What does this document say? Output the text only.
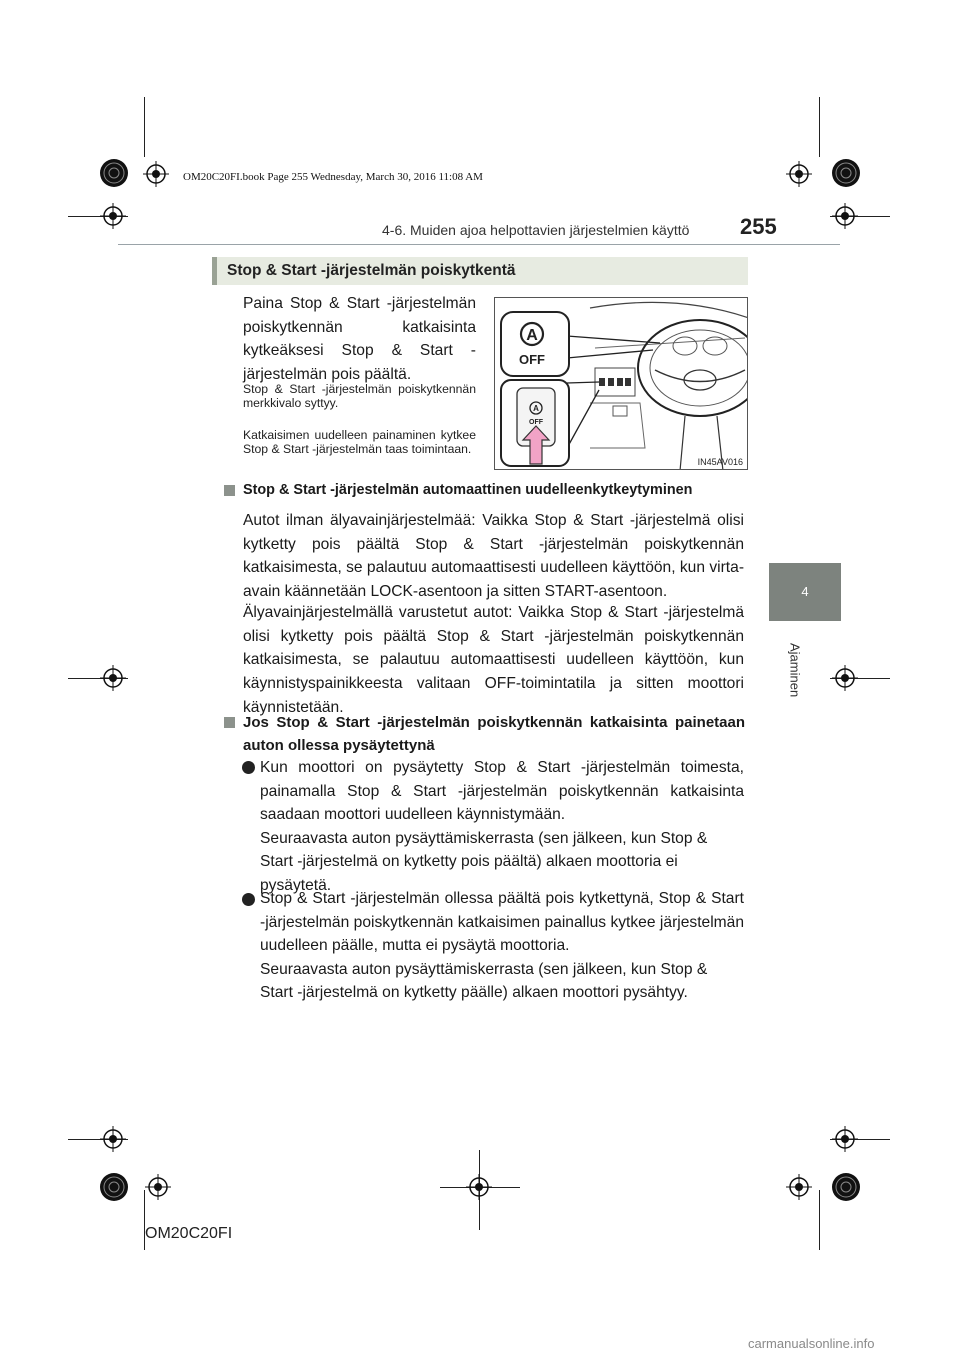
OM20C20FI.book Page 255 Wednesday, March 30, 2016 11:08 AM
4-6. Muiden ajoa helpottavien järjestelmien käyttö 255
4
Ajaminen
Stop & Start -järjestelmän poiskytkentä
Paina Stop & Start -järjestelmän poiskytkennän katkaisinta kytkeäksesi Stop & Start -järjestelmän pois päältä.
Stop & Start -järjestelmän poiskytkennän merkkivalo syttyy.
Katkaisimen uudelleen painaminen kytkee Stop & Start -järjestelmän taas toimintaan.
A
OFF
A
OFF
IN45AV016
Stop & Start -järjestelmän automaattinen uudelleenkytkeytyminen
Autot ilman älyavainjärjestelmää: Vaikka Stop & Start -järjestelmä olisi kytketty pois päältä Stop & Start -järjestelmän poiskytkennän katkaisimesta, se palautuu automaattisesti uudelleen käyttöön, kun virta-avain käännetään LOCK-asentoon ja sitten START-asentoon.
Älyavainjärjestelmällä varustetut autot: Vaikka Stop & Start -järjestelmä olisi kytketty pois päältä Stop & Start -järjestelmän poiskytkennän katkaisimesta, se palautuu automaattisesti uudelleen käyttöön, kun käynnistyspainikkeesta valitaan OFF-toimintatila ja sitten moottori käynnistetään.
Jos Stop & Start -järjestelmän poiskytkennän katkaisinta painetaan auton ollessa pysäytettynä
Kun moottori on pysäytetty Stop & Start -järjestelmän toimesta, painamalla Stop & Start -järjestelmän poiskytkennän katkaisinta saadaan moottori uudelleen käynnistymään.
Seuraavasta auton pysäyttämiskerrasta (sen jälkeen, kun Stop & Start -järjestelmä on kytketty pois päältä) alkaen moottoria ei pysäytetä.
Stop & Start -järjestelmän ollessa päältä pois kytkettynä, Stop & Start -järjestelmän poiskytkennän katkaisimen painallus kytkee järjestelmän uudelleen päälle, mutta ei pysäytä moottoria.
Seuraavasta auton pysäyttämiskerrasta (sen jälkeen, kun Stop & Start -järjestelmä on kytketty päälle) alkaen moottori pysähtyy.
OM20C20FI
carmanualsonline.info
